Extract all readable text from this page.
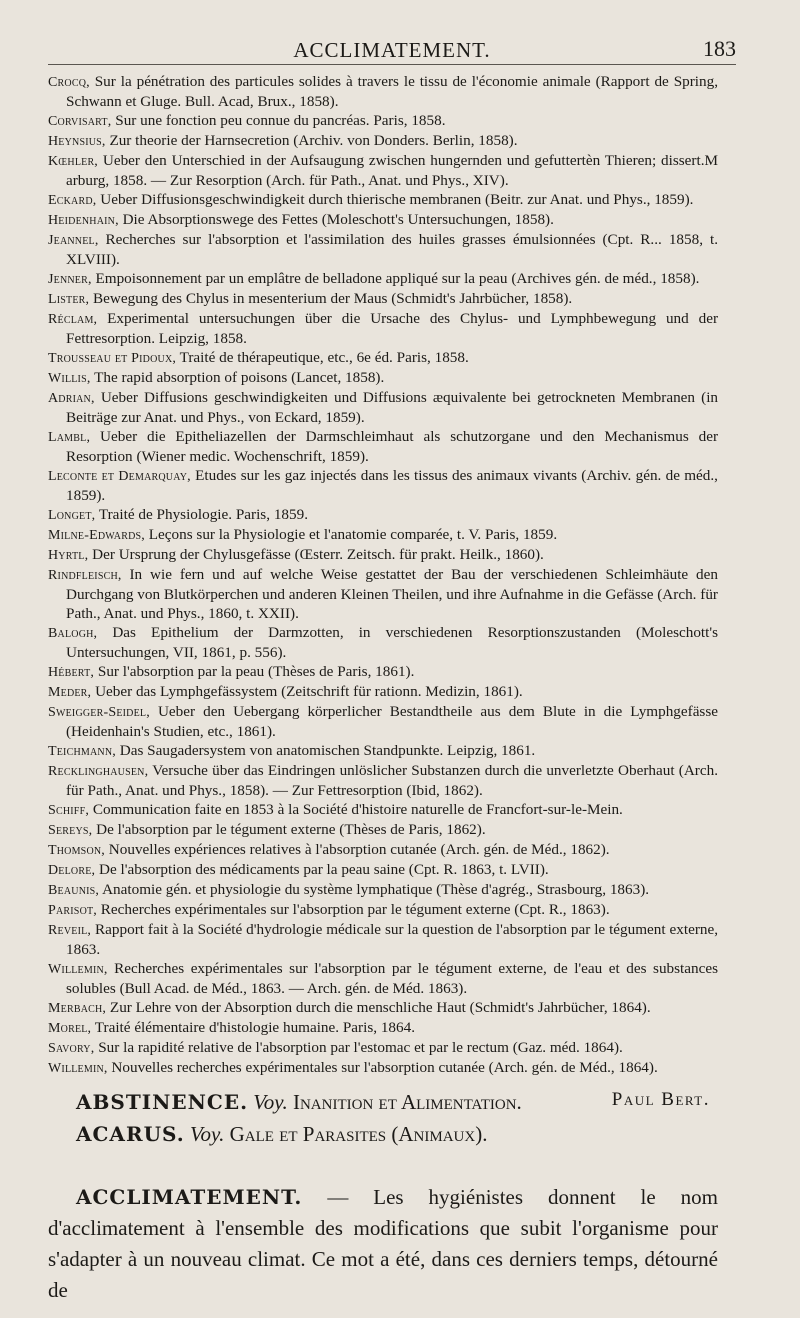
ACCLIMATEMENT.	183

Crocq, Sur la pénétration des particules solides à travers le tissu de l'économie animale (Rapport de Spring, Schwann et Gluge. Bull. Acad, Brux., 1858).

Corvisart, Sur une fonction peu connue du pancréas. Paris, 1858.

Heynsius, Zur theorie der Harnsecretion (Archiv. von Donders. Berlin, 1858).

Kœhler, Ueber den Unterschied in der Aufsaugung zwischen hungernden und gefuttertèn Thieren; dissert.M arburg, 1858. — Zur Resorption (Arch. für Path., Anat. und Phys., XIV).

Eckard, Ueber Diffusionsgeschwindigkeit durch thierische membranen (Beitr. zur Anat. und Phys., 1859).

Heidenhain, Die Absorptionswege des Fettes (Moleschott's Untersuchungen, 1858).

Jeannel, Recherches sur l'absorption et l'assimilation des huiles grasses émulsionnées (Cpt. R... 1858, t. XLVIII).

Jenner, Empoisonnement par un emplâtre de belladone appliqué sur la peau (Archives gén. de méd., 1858).

Lister, Bewegung des Chylus in mesenterium der Maus (Schmidt's Jahrbücher, 1858).

Réclam, Experimental untersuchungen über die Ursache des Chylus- und Lymphbewegung und der Fettresorption. Leipzig, 1858.

Trousseau et Pidoux, Traité de thérapeutique, etc., 6e éd. Paris, 1858.

Willis, The rapid absorption of poisons (Lancet, 1858).

Adrian, Ueber Diffusions geschwindigkeiten und Diffusions æquivalente bei getrockneten Membranen (in Beiträge zur Anat. und Phys., von Eckard, 1859).

Lambl, Ueber die Epitheliazellen der Darmschleimhaut als schutzorgane und den Mechanismus der Resorption (Wiener medic. Wochenschrift, 1859).

Leconte et Demarquay, Etudes sur les gaz injectés dans les tissus des animaux vivants (Archiv. gén. de méd., 1859).

Longet, Traité de Physiologie. Paris, 1859.

Milne-Edwards, Leçons sur la Physiologie et l'anatomie comparée, t. V. Paris, 1859.

Hyrtl, Der Ursprung der Chylusgefässe (Œsterr. Zeitsch. für prakt. Heilk., 1860).

Rindfleisch, In wie fern und auf welche Weise gestattet der Bau der verschiedenen Schleimhäute den Durchgang von Blutkörperchen und anderen Kleinen Theilen, und ihre Aufnahme in die Gefässe (Arch. für Path., Anat. und Phys., 1860, t. XXII).

Balogh, Das Epithelium der Darmzotten, in verschiedenen Resorptionszustanden (Moleschott's Untersuchungen, VII, 1861, p. 556).

Hébert, Sur l'absorption par la peau (Thèses de Paris, 1861).

Meder, Ueber das Lymphgefässystem (Zeitschrift für rationn. Medizin, 1861).

Sweigger-Seidel, Ueber den Uebergang körperlicher Bestandtheile aus dem Blute in die Lymphgefässe (Heidenhain's Studien, etc., 1861).

Teichmann, Das Saugadersystem von anatomischen Standpunkte. Leipzig, 1861.

Recklinghausen, Versuche über das Eindringen unlöslicher Substanzen durch die unverletzte Oberhaut (Arch. für Path., Anat. und Phys., 1858). — Zur Fettresorption (Ibid, 1862).

Schiff, Communication faite en 1853 à la Société d'histoire naturelle de Francfort-sur-le-Mein.

Sereys, De l'absorption par le tégument externe (Thèses de Paris, 1862).

Thomson, Nouvelles expériences relatives à l'absorption cutanée (Arch. gén. de Méd., 1862).

Delore, De l'absorption des médicaments par la peau saine (Cpt. R. 1863, t. LVII).

Beaunis, Anatomie gén. et physiologie du système lymphatique (Thèse d'agrég., Strasbourg, 1863).

Parisot, Recherches expérimentales sur l'absorption par le tégument externe (Cpt. R., 1863).

Reveil, Rapport fait à la Société d'hydrologie médicale sur la question de l'absorption par le tégument externe, 1863.

Willemin, Recherches expérimentales sur l'absorption par le tégument externe, de l'eau et des substances solubles (Bull Acad. de Méd., 1863. — Arch. gén. de Méd. 1863).

Merbach, Zur Lehre von der Absorption durch die menschliche Haut (Schmidt's Jahrbücher, 1864).

Morel, Traité élémentaire d'histologie humaine. Paris, 1864.

Savory, Sur la rapidité relative de l'absorption par l'estomac et par le rectum (Gaz. méd. 1864).

Willemin, Nouvelles recherches expérimentales sur l'absorption cutanée (Arch. gén. de Méd., 1864).

Paul Bert.
ABSTINENCE. Voy. Inanition et Alimentation.
ACARUS. Voy. Gale et Parasites (Animaux).
ACCLIMATEMENT. — Les hygiénistes donnent le nom d'acclimatement à l'ensemble des modifications que subit l'organisme pour s'adapter à un nouveau climat. Ce mot a été, dans ces derniers temps, détourné de
